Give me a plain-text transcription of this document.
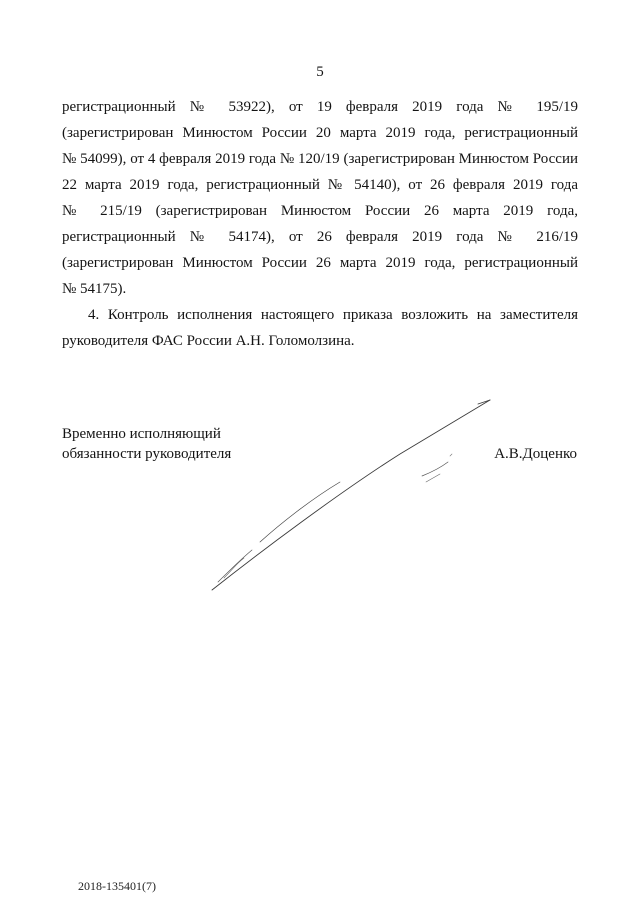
5
регистрационный № 53922), от 19 февраля 2019 года № 195/19
(зарегистрирован Минюстом России 20 марта 2019 года, регистрационный
№ 54099), от 4 февраля 2019 года № 120/19 (зарегистрирован Минюстом России
22 марта 2019 года, регистрационный № 54140), от 26 февраля 2019 года
№ 215/19 (зарегистрирован Минюстом России 26 марта 2019 года,
регистрационный № 54174), от 26 февраля 2019 года № 216/19
(зарегистрирован Минюстом России 26 марта 2019 года, регистрационный
№ 54175).
4. Контроль исполнения настоящего приказа возложить на заместителя
руководителя ФАС России А.Н. Голомолзина.
Временно исполняющий
обязанности руководителя	А.В.Доценко
2018-135401(7)
